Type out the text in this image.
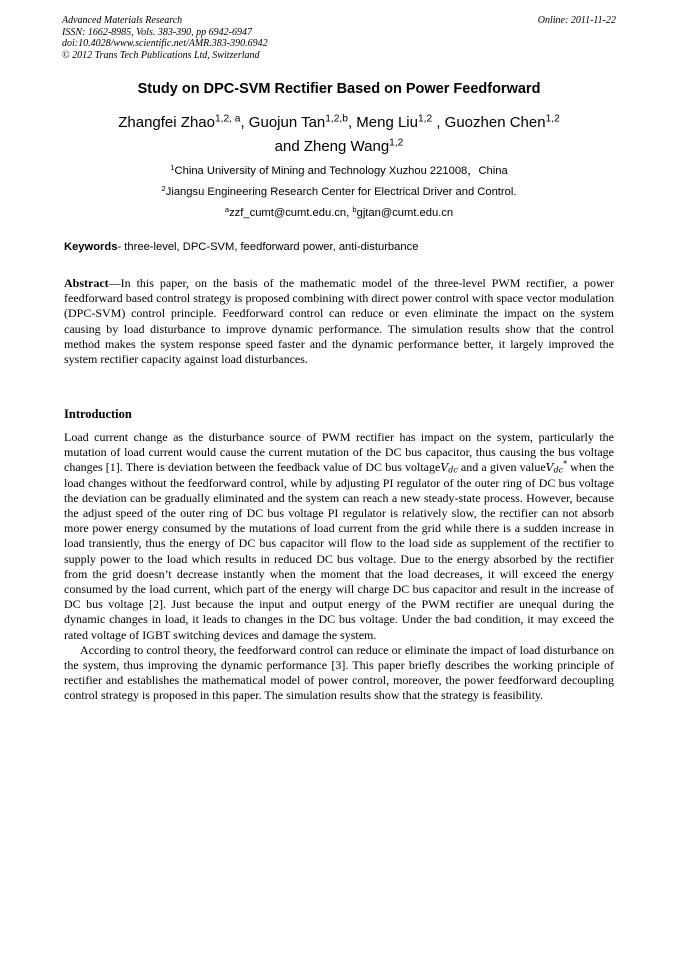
Advanced Materials Research
ISSN: 1662-8985, Vols. 383-390, pp 6942-6947
doi:10.4028/www.scientific.net/AMR.383-390.6942
© 2012 Trans Tech Publications Ltd, Switzerland
Online: 2011-11-22
Study on DPC-SVM Rectifier Based on Power Feedforward
Zhangfei Zhao$^{1,2, a}$, Guojun Tan$^{1,2,b}$, Meng Liu$^{1,2}$ , Guozhen Chen$^{1,2}$
and Zheng Wang$^{1,2}$
$^1$China University of Mining and Technology Xuzhou 221008，China
$^2$Jiangsu Engineering Research Center for Electrical Driver and Control.
$^a$zzf_cumt@cumt.edu.cn, $^b$gjtan@cumt.edu.cn
Keywords- three-level, DPC-SVM, feedforward power, anti-disturbance
Abstract—In this paper, on the basis of the mathematic model of the three-level PWM rectifier, a power feedforward based control strategy is proposed combining with direct power control with space vector modulation (DPC-SVM) control principle. Feedforward control can reduce or even eliminate the impact on the system causing by load disturbance to improve dynamic performance. The simulation results show that the control method makes the system response speed faster and the dynamic performance better, it largely improved the system rectifier capacity against load disturbances.
Introduction

Load current change as the disturbance source of PWM rectifier has impact on the system, particularly the mutation of load current would cause the current mutation of the DC bus capacitor, thus causing the bus voltage changes [1]. There is deviation between the feedback value of DC bus voltageV$_{dc}$ and a given valueV$_{dc}$* when the load changes without the feedforward control, while by adjusting PI regulator of the outer ring of DC bus voltage the deviation can be gradually eliminated and the system can reach a new steady-state process. However, because the adjust speed of the outer ring of DC bus voltage PI regulator is relatively slow, the rectifier can not absorb more power energy consumed by the mutations of load current from the grid while there is a sudden increase in load transiently, thus the energy of DC bus capacitor will flow to the load side as supplement of the rectifier to supply power to the load which results in reduced DC bus voltage. Due to the energy absorbed by the rectifier from the grid doesn’t decrease instantly when the moment that the load decreases, it will exceed the energy consumed by the load current, which part of the energy will charge DC bus capacitor and result in the increase of DC bus voltage [2]. Just because the input and output energy of the PWM rectifier are unequal during the dynamic changes in load, it leads to changes in the DC bus voltage. Under the bad condition, it may exceed the rated voltage of IGBT switching devices and damage the system.

According to control theory, the feedforward control can reduce or eliminate the impact of load disturbance on the system, thus improving the dynamic performance [3]. This paper briefly describes the working principle of rectifier and establishes the mathematical model of power control, moreover, the power feedforward decoupling control strategy is proposed in this paper. The simulation results show that the strategy is feasibility.
